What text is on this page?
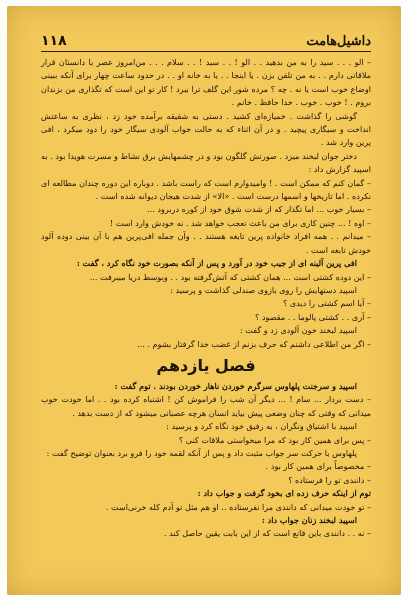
داشیل‌هامت
۱۱۸

– الو . . . سید را به من بدهید . . الو ! . . سید ! . . سلام . . . من‌امروز عصر با دانستان قرار ملاقاتی دارم . . به من تلفن بزن . یا اینجا . . یا به خانه او . . در حدود ساعت چهار برای آنکه ببینی اوضاع خوب است یا نه . چه ؟ مرده شور این گلف ترا ببرد ! کار تو این است که تگذاری من بزندان بروم . ! خوب . خوب . خدا حافظ . خاتم .

گوشی را گذاشت . خمیازه‌ای کشید . دستی به شقیقه برآمده خود زد ، نظری به ساعتش انداخت و سیگاری پیچید . و در آن اثناء که به حالت خواب آلودی سیگار خود را دود میکرد ، افی پرین وارد شد .

دختر جوان لبخند میزد . صورتش گلگون بود و در چشمهایش برق نشاط و مسرت هویدا بود . به اسپید گزارش داد :

– گمان کنم که ممکن است . ! وامیدوارم است که راست باشد . دوباره این دوره چندان مطالعه ای نکرده . اما تاریخها و اسمها درست است . «الا» از شدت هیجان دیوانه شده است .

– بسیار خوب ... اما تگذار که از شدت شوق خود از کوره دربرود ...

– اوه ! ... چنین کاری برای من باعث تعجب خواهد شد . نه خودش وارد است !

– میدانم . . همه افراد خانواده پرین تابغه هستند . . وآن جمله افی‌پرین هم با آن بینی دوده آلود خودش تابغه است .

افی پرین آلینه ای از جیب خود در آورد و پس از آنکه بصورت خود نگاه کرد ، گفت :

– این دوده کشتی است ... همان کشتی که آتش‌گرفته بود . . وبوسط دریا میبرفت ...

اسپید دستهایش را روی بازوی صندلی گذاشت و پرسید :

– آیا اسم کشتی را دیدی ؟

– آری . . کشتی پالوما . . مقصود ؟

اسپید لبخند خون آلودی زد و گفت :

– اگر من اطلاعی داشتم که حرف بزنم از غضب خدا گرفتار بشوم . ...

فصل یازدهم

اسپید و سرجنت پلهاوس سرگرم خوردن ناهار خوردن بودند . توم گفت :

– دست بردار ... سام ! ... دیگر آن شب را فراموش کن ! اشتباه کرده بود . . اما خودت خوب میدانی که وقتی که چنان وضعی پیش بیاید انسان هرچه عصبانی میشود که از دست بدهد .

اسپید با اشتیاق ونگران ، به رفیق خود نگاه کرد و پرسید :

– پس برای همین کار بود که مرا میخواستی ملاقات کنی ؟

پلهاوس با حرکت سر جواب مثبت داد و پس از آنکه لقمه خود را فرو برد بعنوان توضیح گفت :

– مخصوصاً برای همین کار بود .

– دانندی تو را فرستاده ؟

توم از اینکه حرف زده ای بخود گرفت و جواب داد :

– تو خودت میدانی که دانندی مرا نفرستاده .. او هم مثل تو آدم کله خرنی‌است .

اسپید لبخند زنان جواب داد :

– نه . . دانندی باین قانع است که از این بابت یقین حاصل کند .
